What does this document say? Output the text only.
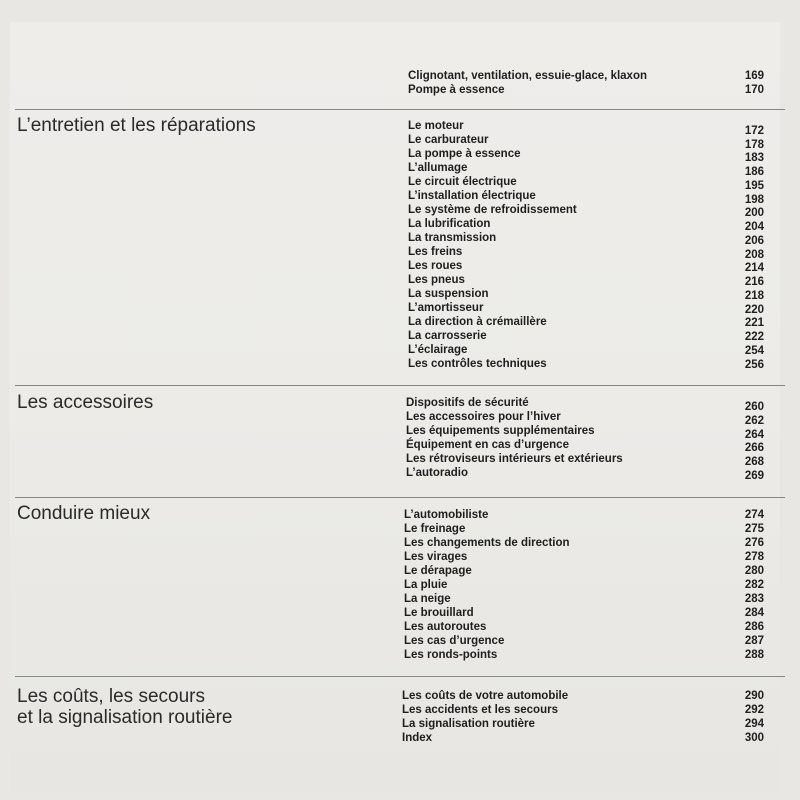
Clignotant, ventilation, essuie-glace, klaxon	169
Pompe à essence	170
L’entretien et les réparations	Le moteur	172
Le carburateur	178
La pompe à essence	183
L’allumage	186
Le circuit électrique	195
L’installation électrique	198
Le système de refroidissement	200
La lubrification	204
La transmission	206
Les freins	208
Les roues	214
Les pneus	216
La suspension	218
L’amortisseur	220
La direction à crémaillère	221
La carrosserie	222
L’éclairage	254
Les contrôles techniques	256
Les accessoires	Dispositifs de sécurité	260
Les accessoires pour l’hiver	262
Les équipements supplémentaires	264
Équipement en cas d’urgence	266
Les rétroviseurs intérieurs et extérieurs	268
L’autoradio	269
Conduire mieux	L’automobiliste	274
Le freinage	275
Les changements de direction	276
Les virages	278
Le dérapage	280
La pluie	282
La neige	283
Le brouillard	284
Les autoroutes	286
Les cas d’urgence	287
Les ronds-points	288
Les coûts, les secours
et la signalisation routière
Les coûts de votre automobile	290
Les accidents et les secours	292
La signalisation routière	294
Index	300
